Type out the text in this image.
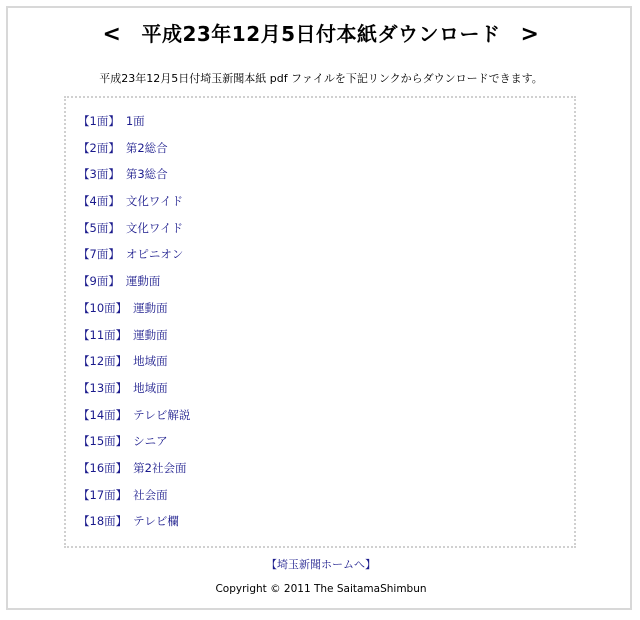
< 平成23年12月5日付本紙ダウンロード >
平成23年12月5日付埼玉新聞本紙 pdf ファイルを下記リンクからダウンロードできます。
【1面】 1面
【2面】 第2総合
【3面】 第3総合
【4面】 文化ワイド
【5面】 文化ワイド
【7面】 オピニオン
【9面】 運動面
【10面】 運動面
【11面】 運動面
【12面】 地域面
【13面】 地域面
【14面】 テレビ解説
【15面】 シニア
【16面】 第2社会面
【17面】 社会面
【18面】 テレビ欄
【埼玉新聞ホームへ】
Copyright © 2011 The SaitamaShimbun
